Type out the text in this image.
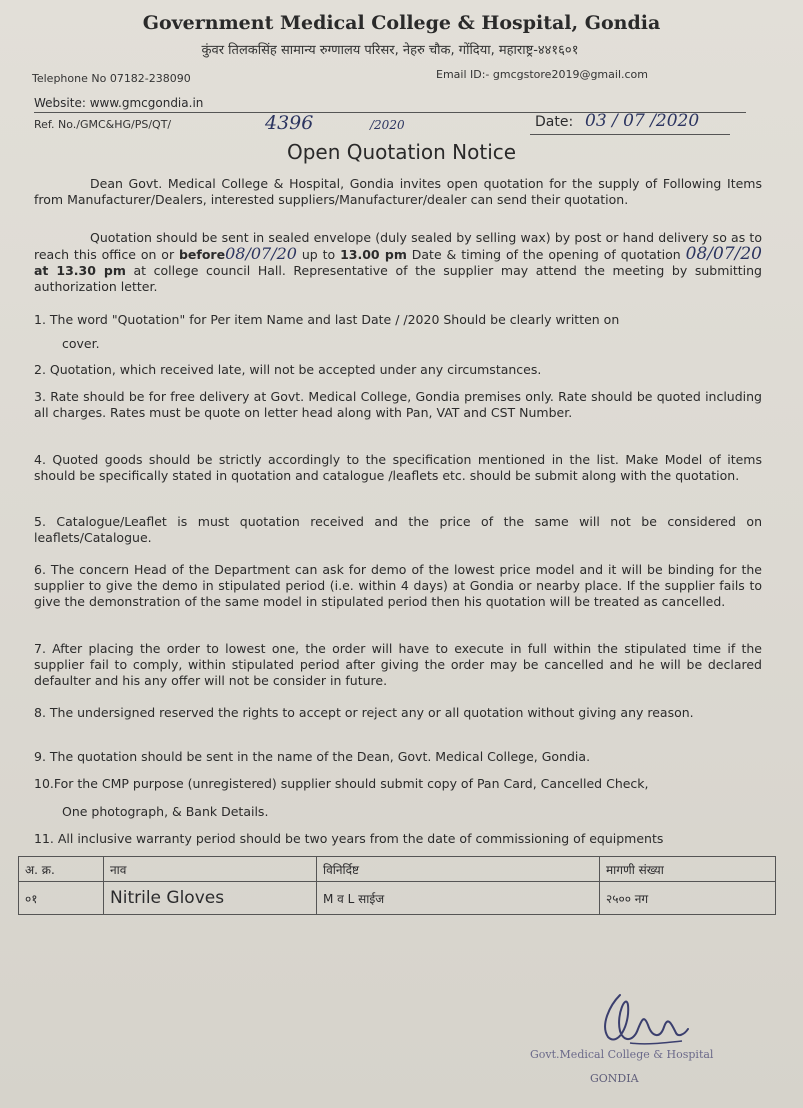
Government Medical College & Hospital, Gondia
कुंवर तिलकसिंह सामान्य रुग्णालय परिसर, नेहरु चौक, गोंदिया, महाराष्ट्र-४४१६०१
Telephone No 07182-238090	Email ID:- gmcgstore2019@gmail.com
Website: www.gmcgondia.in
Ref. No./GMC&HG/PS/QT/	4396	/2020	Date: 03 / 07 /2020
Open Quotation Notice
Dean Govt. Medical College & Hospital, Gondia invites open quotation for the supply of Following Items from Manufacturer/Dealers, interested suppliers/Manufacturer/dealer can send their quotation.
Quotation should be sent in sealed envelope (duly sealed by selling wax) by post or hand delivery so as to reach this office on or before08/07/20 up to 13.00 pm Date & timing of the opening of quotation 08/07/20 at 13.30 pm at college council Hall. Representative of the supplier may attend the meeting by submitting authorization letter.
1. The word "Quotation" for Per item Name and last Date / /2020 Should be clearly written on
cover.
2. Quotation, which received late, will not be accepted under any circumstances.
3. Rate should be for free delivery at Govt. Medical College, Gondia premises only. Rate should be quoted including all charges. Rates must be quote on letter head along with Pan, VAT and CST Number.
4. Quoted goods should be strictly accordingly to the specification mentioned in the list. Make Model of items should be specifically stated in quotation and catalogue /leaflets etc. should be submit along with the quotation.
5. Catalogue/Leaflet is must quotation received and the price of the same will not be considered on leaflets/Catalogue.
6. The concern Head of the Department can ask for demo of the lowest price model and it will be binding for the supplier to give the demo in stipulated period (i.e. within 4 days) at Gondia or nearby place. If the supplier fails to give the demonstration of the same model in stipulated period then his quotation will be treated as cancelled.
7. After placing the order to lowest one, the order will have to execute in full within the stipulated time if the supplier fail to comply, within stipulated period after giving the order may be cancelled and he will be declared defaulter and his any offer will not be consider in future.
8. The undersigned reserved the rights to accept or reject any or all quotation without giving any reason.
9. The quotation should be sent in the name of the Dean, Govt. Medical College, Gondia.
10.For the CMP purpose (unregistered) supplier should submit copy of Pan Card, Cancelled Check,
One photograph, & Bank Details.
11. All inclusive warranty period should be two years from the date of commissioning of equipments
अ. क्र.	नाव	विनिर्दिष्ट	मागणी संख्या
०१	Nitrile Gloves	M व L साईज	२५०० नग
Govt.Medical College & Hospital
GONDIA
